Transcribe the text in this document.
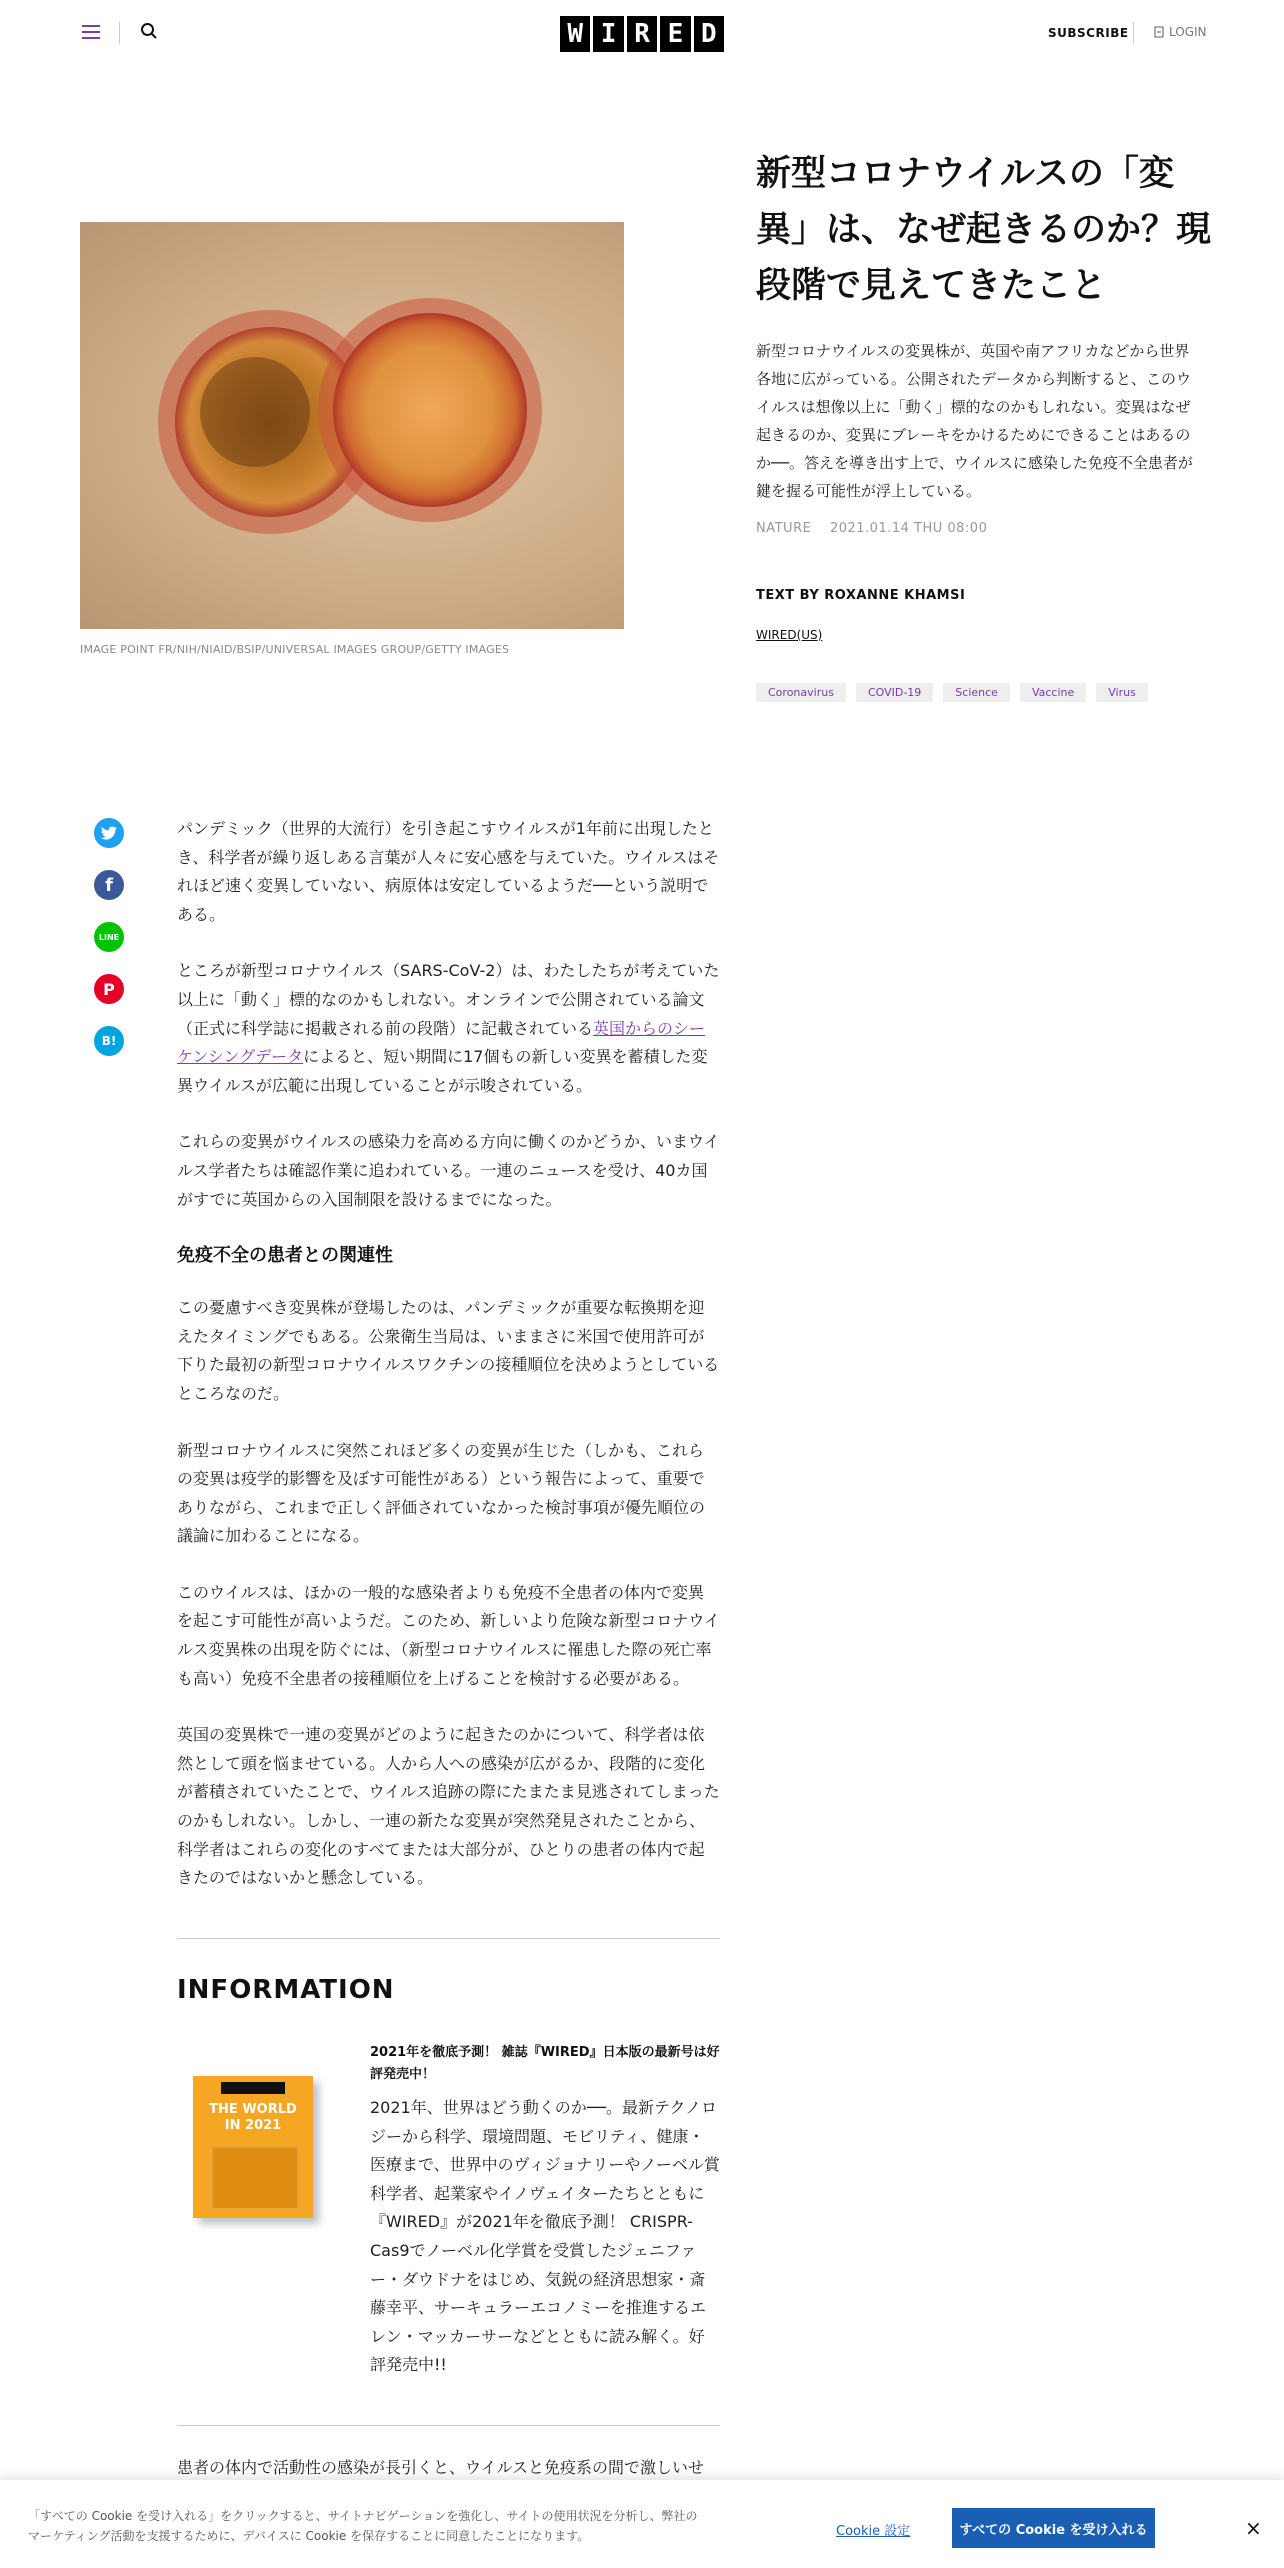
W I R E D	SUBSCRIBE	LOGIN
IMAGE POINT FR/NIH/NIAID/BSIP/UNIVERSAL IMAGES GROUP/GETTY IMAGES
新型コロナウイルスの「変異」は、なぜ起きるのか？現段階で見えてきたこと
新型コロナウイルスの変異株が、英国や南アフリカなどから世界各地に広がっている。公開されたデータから判断すると、このウイルスは想像以上に「動く」標的なのかもしれない。変異はなぜ起きるのか、変異にブレーキをかけるためにできることはあるのか──。答えを導き出す上で、ウイルスに感染した免疫不全患者が鍵を握る可能性が浮上している。
NATURE 2021.01.14 THU 08:00
TEXT BY ROXANNE KHAMSI
WIRED(US)
Coronavirus	COVID-19	Science	Vaccine	Virus
f
LINE
P
B!

パンデミック（世界的大流行）を引き起こすウイルスが1年前に出現したとき、科学者が繰り返しある言葉が人々に安心感を与えていた。ウイルスはそれほど速く変異していない、病原体は安定しているようだ──という説明である。

ところが新型コロナウイルス（SARS-CoV-2）は、わたしたちが考えていた以上に「動く」標的なのかもしれない。オンラインで公開されている論文（正式に科学誌に掲載される前の段階）に記載されている英国からのシーケンシングデータによると、短い期間に17個もの新しい変異を蓄積した変異ウイルスが広範に出現していることが示唆されている。

これらの変異がウイルスの感染力を高める方向に働くのかどうか、いまウイルス学者たちは確認作業に追われている。一連のニュースを受け、40カ国がすでに英国からの入国制限を設けるまでになった。

免疫不全の患者との関連性

この憂慮すべき変異株が登場したのは、パンデミックが重要な転換期を迎えたタイミングでもある。公衆衛生当局は、いままさに米国で使用許可が下りた最初の新型コロナウイルスワクチンの接種順位を決めようとしているところなのだ。

新型コロナウイルスに突然これほど多くの変異が生じた（しかも、これらの変異は疫学的影響を及ぼす可能性がある）という報告によって、重要でありながら、これまで正しく評価されていなかった検討事項が優先順位の議論に加わることになる。

このウイルスは、ほかの一般的な感染者よりも免疫不全患者の体内で変異を起こす可能性が高いようだ。このため、新しいより危険な新型コロナウイルス変異株の出現を防ぐには、（新型コロナウイルスに罹患した際の死亡率も高い）免疫不全患者の接種順位を上げることを検討する必要がある。

英国の変異株で一連の変異がどのように起きたのかについて、科学者は依然として頭を悩ませている。人から人への感染が広がるか、段階的に変化が蓄積されていたことで、ウイルス追跡の際にたまたま見逃されてしまったのかもしれない。しかし、一連の新たな変異が突然発見されたことから、科学者はこれらの変化のすべてまたは大部分が、ひとりの患者の体内で起きたのではないかと懸念している。

INFORMATION
THE WORLD IN 2021
2021年を徹底予測！ 雑誌『WIRED』日本版の最新号は好評発売中！
2021年、世界はどう動くのか──。最新テクノロジーから科学、環境問題、モビリティ、健康・医療まで、世界中のヴィジョナリーやノーベル賞科学者、起業家やイノヴェイターたちとともに『WIRED』が2021年を徹底予測！ CRISPR-Cas9でノーベル化学賞を受賞したジェニファー・ダウドナをはじめ、気鋭の経済思想家・斎藤幸平、サーキュラーエコノミーを推進するエレン・マッカーサーなどとともに読み解く。好評発売中!!
患者の体内で活動性の感染が長引くと、ウイルスと免疫系の間で激しいせ
「すべての Cookie を受け入れる」をクリックすると、サイトナビゲーションを強化し、サイトの使用状況を分析し、弊社のマーケティング活動を支援するために、デバイスに Cookie を保存することに同意したことになります。	Cookie 設定	すべての Cookie を受け入れる	×
